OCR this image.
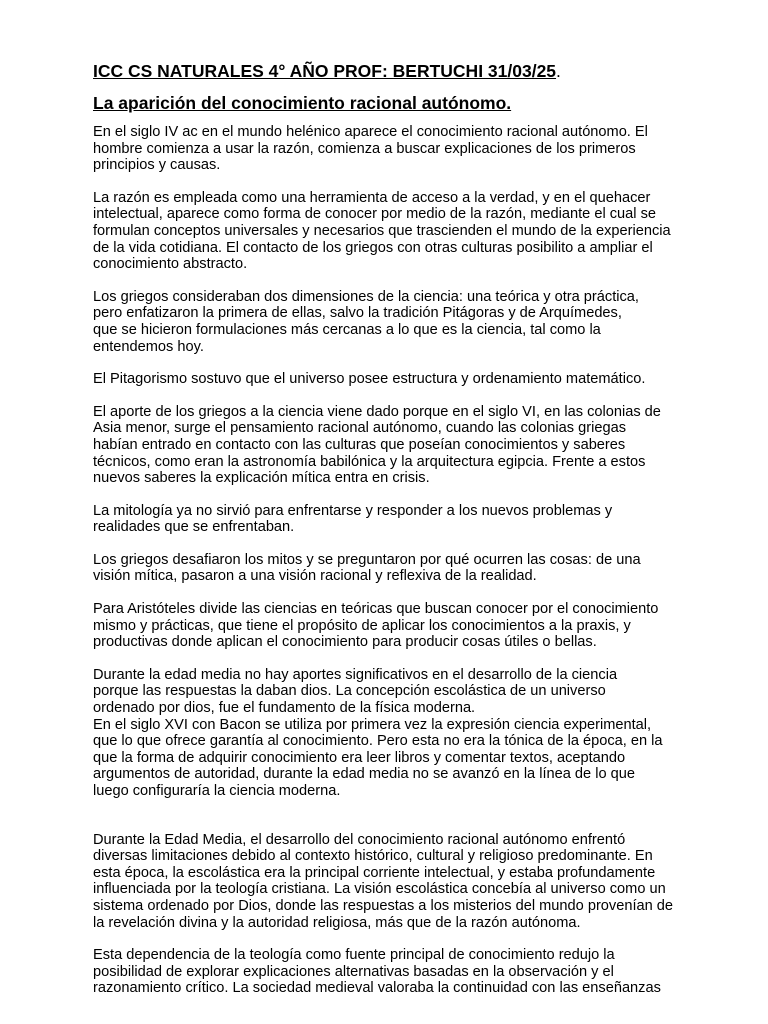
ICC CS NATURALES 4° AÑO PROF: BERTUCHI 31/03/25.
La aparición del conocimiento racional autónomo.
En el siglo IV ac en el mundo helénico aparece el conocimiento racional autónomo. El
hombre comienza a usar la razón, comienza a buscar explicaciones de los primeros
principios y causas.
La razón es empleada como una herramienta de acceso a la verdad, y en el quehacer
intelectual, aparece como forma de conocer por medio de la razón, mediante el cual se
formulan conceptos universales y necesarios que trascienden el mundo de la experiencia
de la vida cotidiana. El contacto de los griegos con otras culturas posibilito a ampliar el
conocimiento abstracto.
Los griegos consideraban dos dimensiones de la ciencia: una teórica y otra práctica,
pero enfatizaron la primera de ellas, salvo la tradición Pitágoras y de Arquímedes,
que se hicieron formulaciones más cercanas a lo que es la ciencia, tal como la
entendemos hoy.
El Pitagorismo sostuvo que el universo posee estructura y ordenamiento matemático.
El aporte de los griegos a la ciencia viene dado porque en el siglo VI, en las colonias de
Asia menor, surge el pensamiento racional autónomo, cuando las colonias griegas
habían entrado en contacto con las culturas que poseían conocimientos y saberes
técnicos, como eran la astronomía babilónica y la arquitectura egipcia. Frente a estos
nuevos saberes la explicación mítica entra en crisis.
La mitología ya no sirvió para enfrentarse y responder a los nuevos problemas y
realidades que se enfrentaban.
Los griegos desafiaron los mitos y se preguntaron por qué ocurren las cosas: de una
visión mítica, pasaron a una visión racional y reflexiva de la realidad.
Para Aristóteles divide las ciencias en teóricas que buscan conocer por el conocimiento
mismo y prácticas, que tiene el propósito de aplicar los conocimientos a la praxis, y
productivas donde aplican el conocimiento para producir cosas útiles o bellas.
Durante la edad media no hay aportes significativos en el desarrollo de la ciencia
porque las respuestas la daban dios. La concepción escolástica de un universo
ordenado por dios, fue el fundamento de la física moderna.
En el siglo XVI con Bacon se utiliza por primera vez la expresión ciencia experimental,
que lo que ofrece garantía al conocimiento. Pero esta no era la tónica de la época, en la
que la forma de adquirir conocimiento era leer libros y comentar textos, aceptando
argumentos de autoridad, durante la edad media no se avanzó en la línea de lo que
luego configuraría la ciencia moderna.
Durante la Edad Media, el desarrollo del conocimiento racional autónomo enfrentó
diversas limitaciones debido al contexto histórico, cultural y religioso predominante. En
esta época, la escolástica era la principal corriente intelectual, y estaba profundamente
influenciada por la teología cristiana. La visión escolástica concebía al universo como un
sistema ordenado por Dios, donde las respuestas a los misterios del mundo provenían de
la revelación divina y la autoridad religiosa, más que de la razón autónoma.
Esta dependencia de la teología como fuente principal de conocimiento redujo la
posibilidad de explorar explicaciones alternativas basadas en la observación y el
razonamiento crítico. La sociedad medieval valoraba la continuidad con las enseñanzas
